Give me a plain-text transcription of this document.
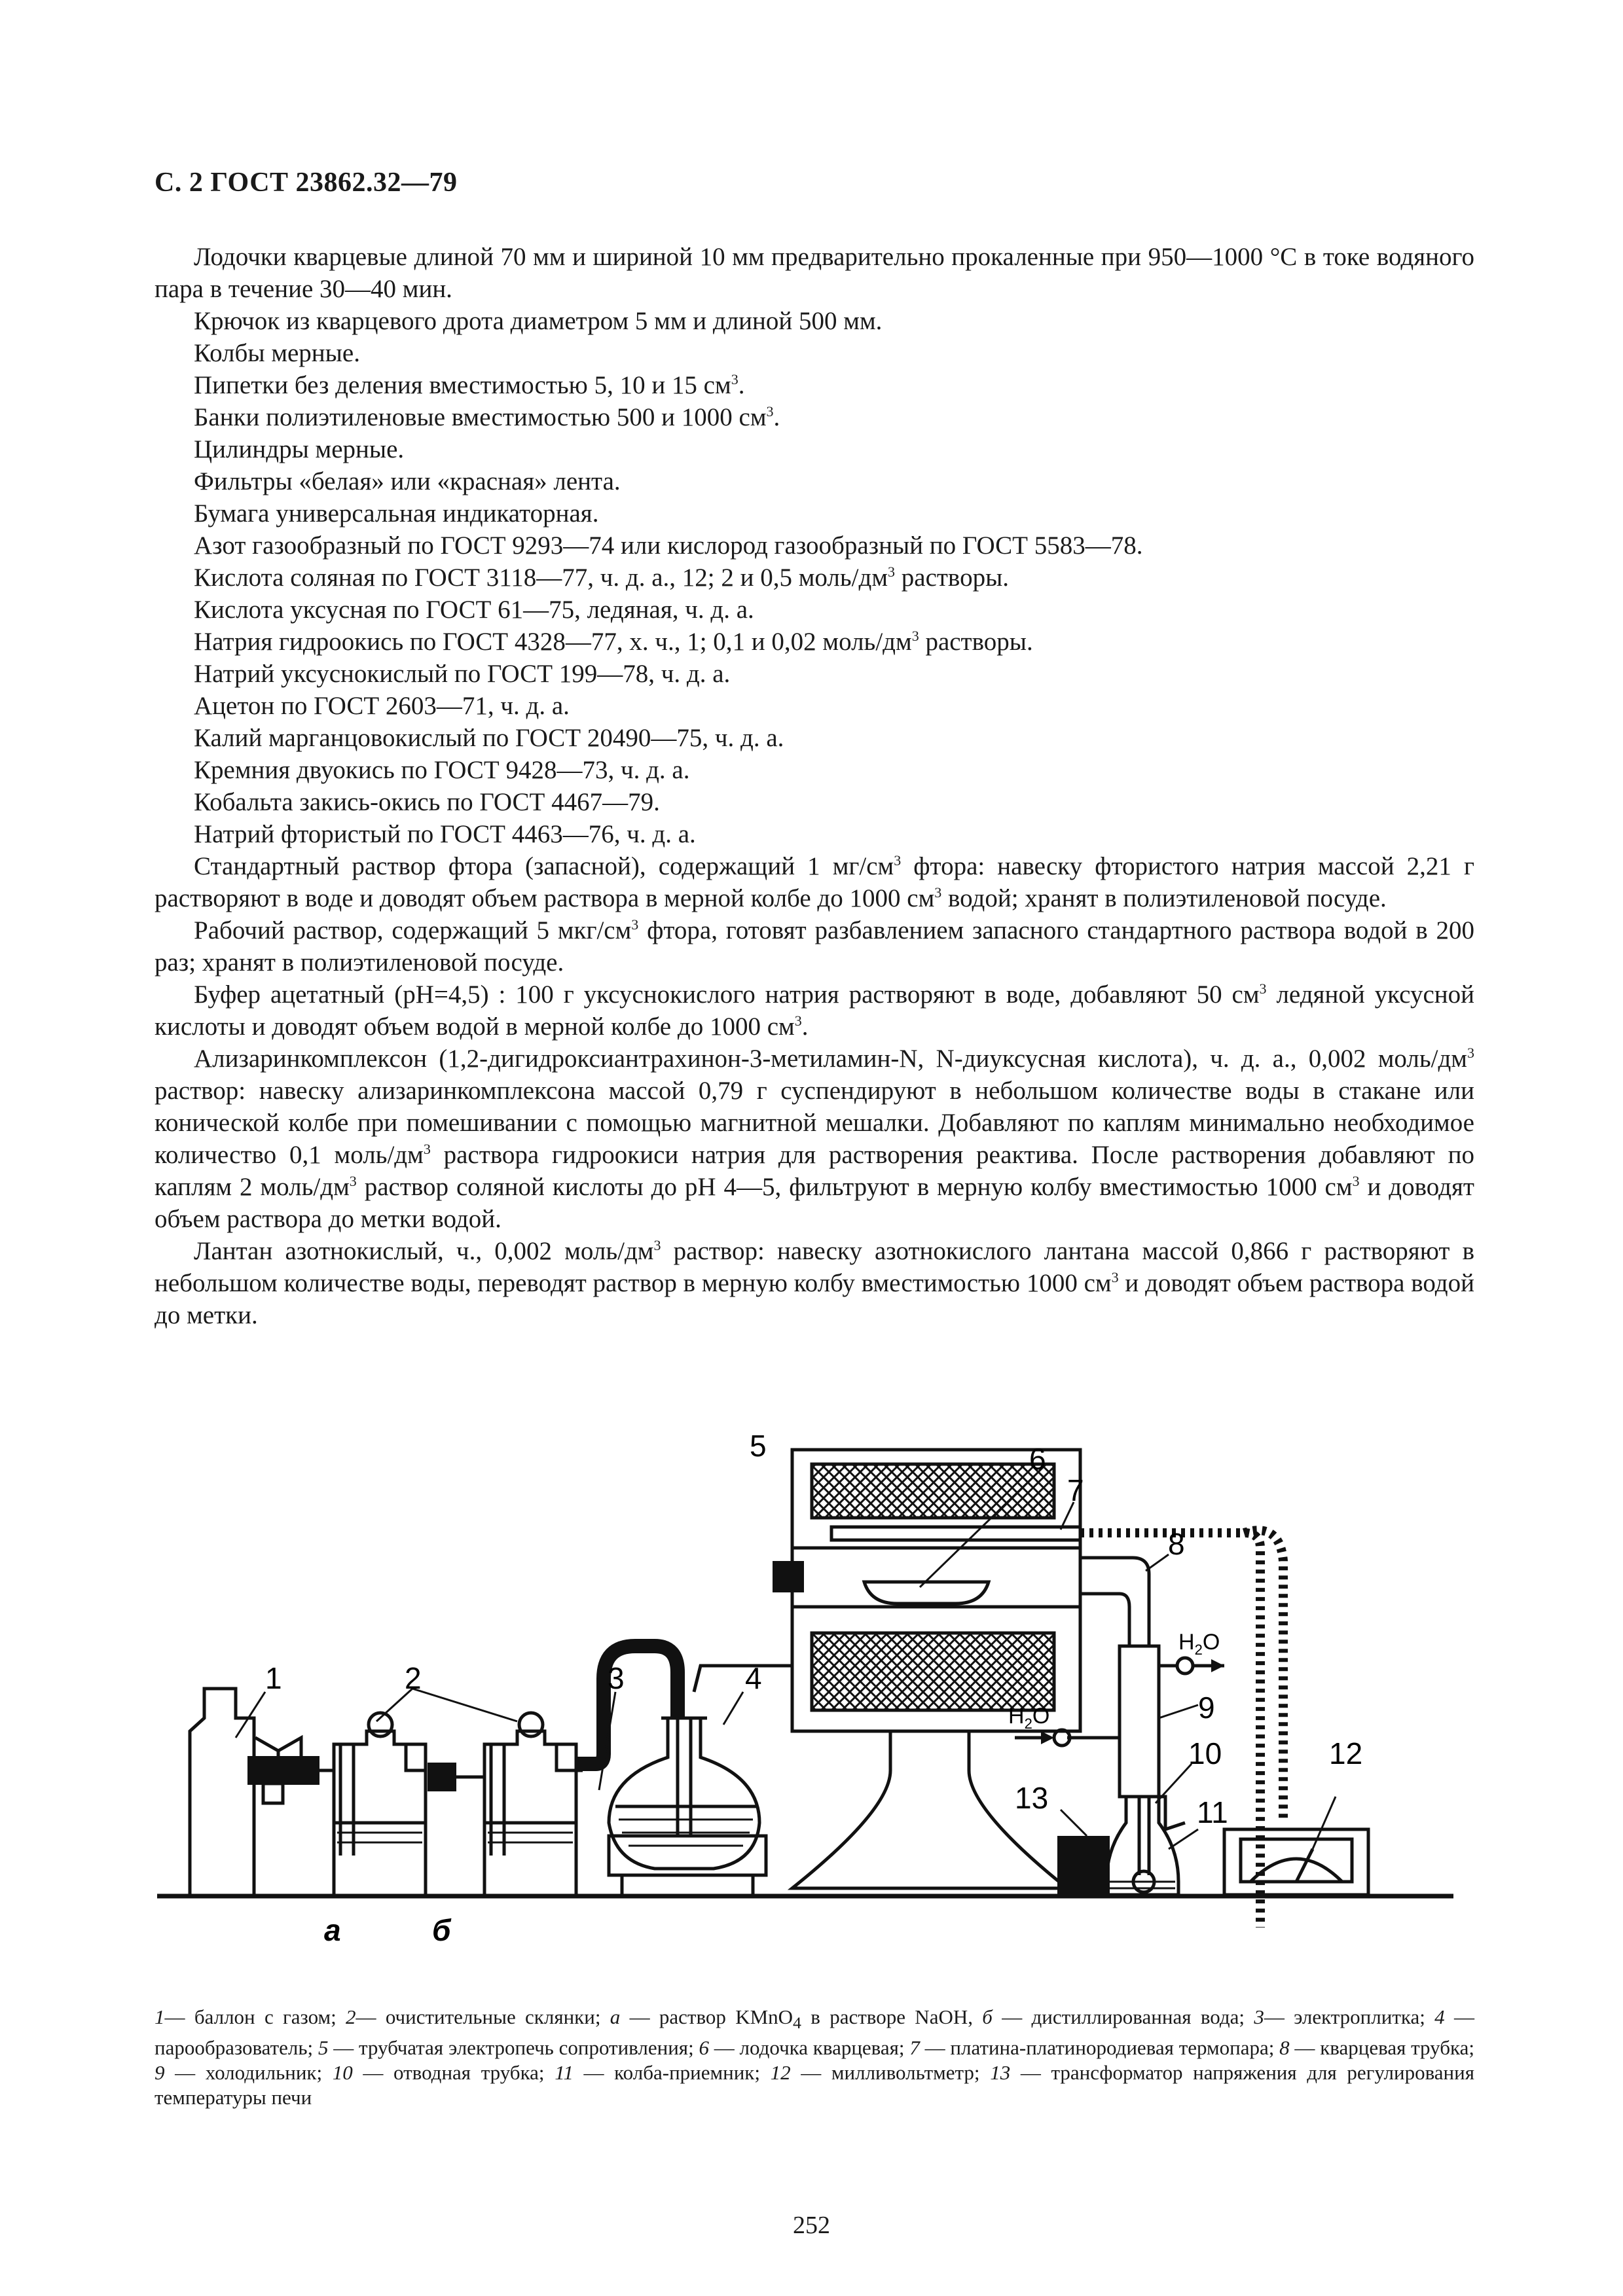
С. 2 ГОСТ 23862.32—79

Лодочки кварцевые длиной 70 мм и шириной 10 мм предварительно прокаленные при 950—1000 °С в токе водяного пара в течение 30—40 мин.

Крючок из кварцевого дрота диаметром 5 мм и длиной 500 мм.

Колбы мерные.

Пипетки без деления вместимостью 5, 10 и 15 $см^3$.

Банки полиэтиленовые вместимостью 500 и 1000 $см^3$.

Цилиндры мерные.

Фильтры «белая» или «красная» лента.

Бумага универсальная индикаторная.

Азот газообразный по ГОСТ 9293—74 или кислород газообразный по ГОСТ 5583—78.

Кислота соляная по ГОСТ 3118—77, ч. д. а., 12; 2 и 0,5 моль/$дм^3$ растворы.

Кислота уксусная по ГОСТ 61—75, ледяная, ч. д. а.

Натрия гидроокись по ГОСТ 4328—77, х. ч., 1; 0,1 и 0,02 моль/$дм^3$ растворы.

Натрий уксуснокислый по ГОСТ 199—78, ч. д. а.

Ацетон по ГОСТ 2603—71, ч. д. а.

Калий марганцовокислый по ГОСТ 20490—75, ч. д. а.

Кремния двуокись по ГОСТ 9428—73, ч. д. а.

Кобальта закись-окись по ГОСТ 4467—79.

Натрий фтористый по ГОСТ 4463—76, ч. д. а.

Стандартный раствор фтора (запасной), содержащий 1 $мг/см^3$ фтора: навеску фтористого натрия массой 2,21 г растворяют в воде и доводят объем раствора в мерной колбе до 1000 $см^3$ водой; хранят в полиэтиленовой посуде.

Рабочий раствор, содержащий 5 мкг/$см^3$ фтора, готовят разбавлением запасного стандартного раствора водой в 200 раз; хранят в полиэтиленовой посуде.

Буфер ацетатный (pH=4,5) : 100 г уксуснокислого натрия растворяют в воде, добавляют 50 $см^3$ ледяной уксусной кислоты и доводят объем водой в мерной колбе до 1000 $см^3$.

Ализаринкомплексон (1,2-дигидроксиантрахинон-3-метиламин-N, N-диуксусная кислота), ч. д. а., 0,002 моль/$дм^3$ раствор: навеску ализаринкомплексона массой 0,79 г суспендируют в небольшом количестве воды в стакане или конической колбе при помешивании с помощью магнитной мешалки. Добавляют по каплям минимально необходимое количество 0,1 моль/$дм^3$ раствора гидроокиси натрия для растворения реактива. После растворения добавляют по каплям 2 моль/$дм^3$ раствор соляной кислоты до pH 4—5, фильтруют в мерную колбу вместимостью 1000 $см^3$ и доводят объем раствора до метки водой.

Лантан азотнокислый, ч., 0,002 моль/$дм^3$ раствор: навеску азотнокислого лантана массой 0,866 г растворяют в небольшом количестве воды, переводят раствор в мерную колбу вместимостью 1000 $см^3$ и доводят объем раствора водой до метки.

1	2	3	4
5	6
7
8
9
10
11
12
13
а	б
$H_2O$
$H_2O$
1— баллон с газом; 2— очистительные склянки; а — раствор KMnO$_4$ в растворе NaOH, б — дистиллированная вода; 3— электроплитка; 4 — парообразователь; 5 — трубчатая электропечь сопротивления; 6 — лодочка кварцевая; 7 — платина-платинородиевая термопара; 8 — кварцевая трубка; 9 — холодильник; 10 — отводная трубка; 11 — колба-приемник; 12 — милливольтметр; 13 — трансформатор напряжения для регулирования температуры печи
252
